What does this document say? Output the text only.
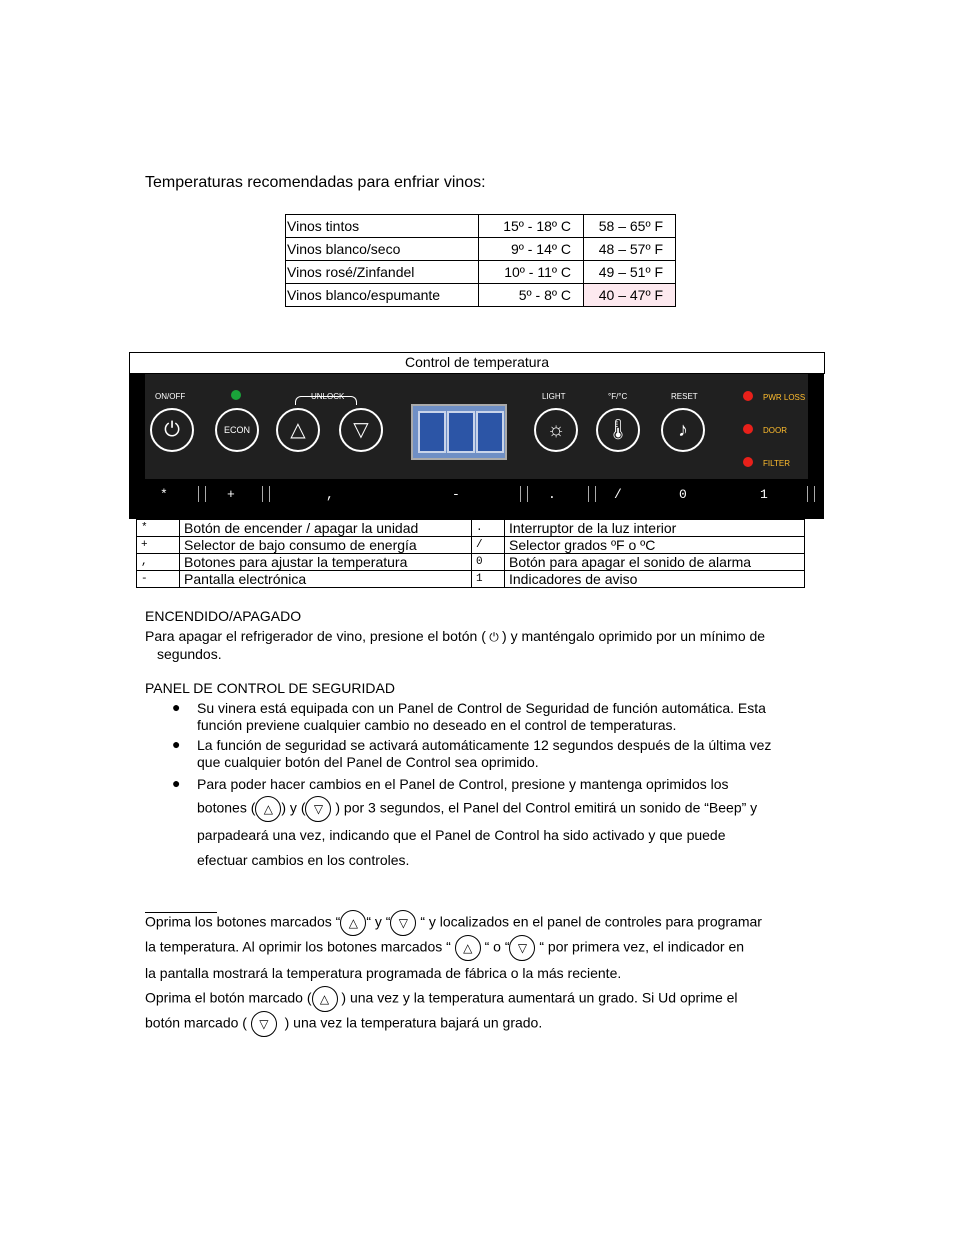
Temperaturas recomendadas para enfriar vinos:
Vinos tintos	15º - 18º C	58 – 65º F
Vinos blanco/seco	9º - 14º C	48 – 57º F
Vinos rosé/Zinfandel	10º - 11º C	49 – 51º F
Vinos blanco/espumante	5º - 8º C	40 – 47º F
Control de temperatura
ON/OFF
⏻	ECON
UNLOCK
△	▽
LIGHT
☼
°F/°C
🌡
RESET
♪
PWR LOSS
DOOR
FILTER
*	+	,	-	.	/	0	1
*	Botón de encender / apagar la unidad	.	Interruptor de la luz interior
+	Selector de bajo consumo de energía	/	Selector grados ºF o ºC
,	Botones para ajustar la temperatura	0	Botón para apagar el sonido de alarma
-	Pantalla electrónica	1	Indicadores de aviso
ENCENDIDO/APAGADO
Para apagar el refrigerador de vino, presione el botón ( ⏻ ) y manténgalo oprimido por un mínimo de
segundos.
PANEL DE CONTROL DE SEGURIDAD
● Su vinera está equipada con un Panel de Control de Seguridad de función automática. Esta
función previene cualquier cambio no deseado en el control de temperaturas.
● La función de seguridad se activará automáticamente 12 segundos después de la última vez
que cualquier botón del Panel de Control sea oprimido.
● Para poder hacer cambios en el Panel de Control, presione y mantenga oprimidos los
botones ( △ ) y ( ▽ ) por 3 segundos, el Panel del Control emitirá un sonido de “Beep” y
parpadeará una vez, indicando que el Panel de Control ha sido activado y que puede
efectuar cambios en los controles.
Oprima los botones marcados “ △ “ y “ ▽ “ y localizados en el panel de controles para programar
la temperatura. Al oprimir los botones marcados “ △ “ o “ ▽ “ por primera vez, el indicador en
la pantalla mostrará la temperatura programada de fábrica o la más reciente.
Oprima el botón marcado ( △ ) una vez y la temperatura aumentará un grado. Si Ud oprime el
botón marcado ( ▽ ) una vez la temperatura bajará un grado.
